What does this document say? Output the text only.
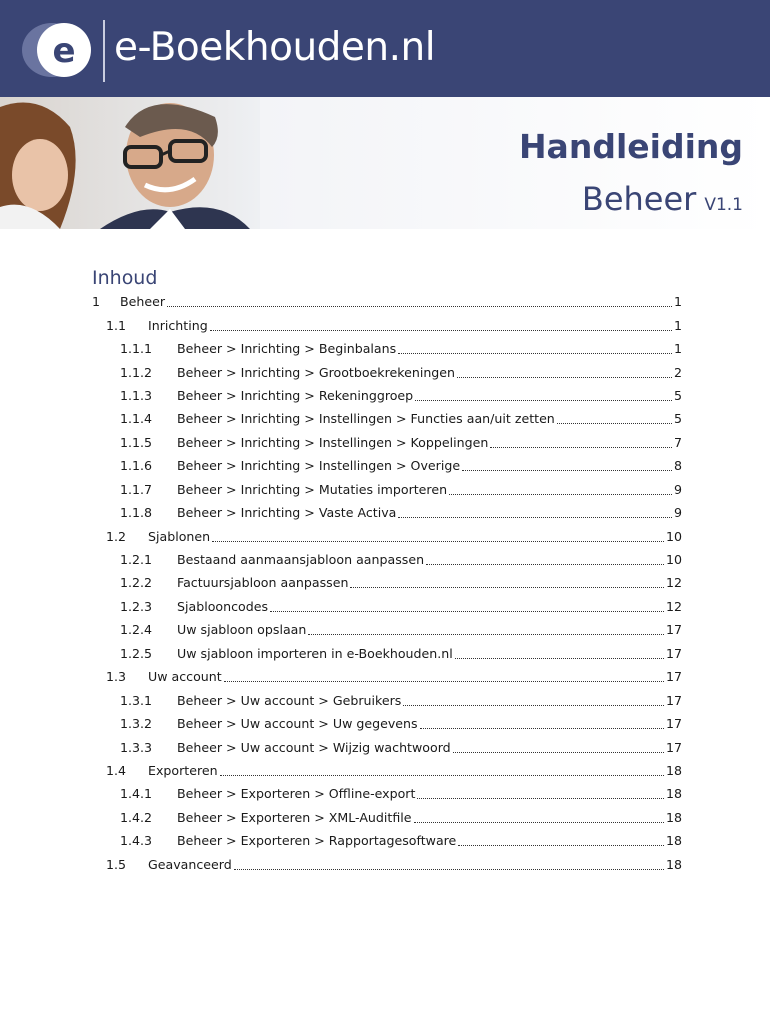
e e-Boekhouden.nl
Handleiding
Beheer V1.1
Inhoud
1	Beheer	1
1.1	Inrichting	1
1.1.1	Beheer > Inrichting > Beginbalans	1
1.1.2	Beheer > Inrichting > Grootboekrekeningen	2
1.1.3	Beheer > Inrichting > Rekeninggroep	5
1.1.4	Beheer > Inrichting > Instellingen > Functies aan/uit zetten	5
1.1.5	Beheer > Inrichting > Instellingen > Koppelingen	7
1.1.6	Beheer > Inrichting > Instellingen > Overige	8
1.1.7	Beheer > Inrichting > Mutaties importeren	9
1.1.8	Beheer > Inrichting > Vaste Activa	9
1.2	Sjablonen	10
1.2.1	Bestaand aanmaansjabloon aanpassen	10
1.2.2	Factuursjabloon aanpassen	12
1.2.3	Sjablooncodes	12
1.2.4	Uw sjabloon opslaan	17
1.2.5	Uw sjabloon importeren in e-Boekhouden.nl	17
1.3	Uw account	17
1.3.1	Beheer > Uw account > Gebruikers	17
1.3.2	Beheer > Uw account > Uw gegevens	17
1.3.3	Beheer > Uw account > Wijzig wachtwoord	17
1.4	Exporteren	18
1.4.1	Beheer > Exporteren > Offline-export	18
1.4.2	Beheer > Exporteren > XML-Auditfile	18
1.4.3	Beheer > Exporteren > Rapportagesoftware	18
1.5	Geavanceerd	18
